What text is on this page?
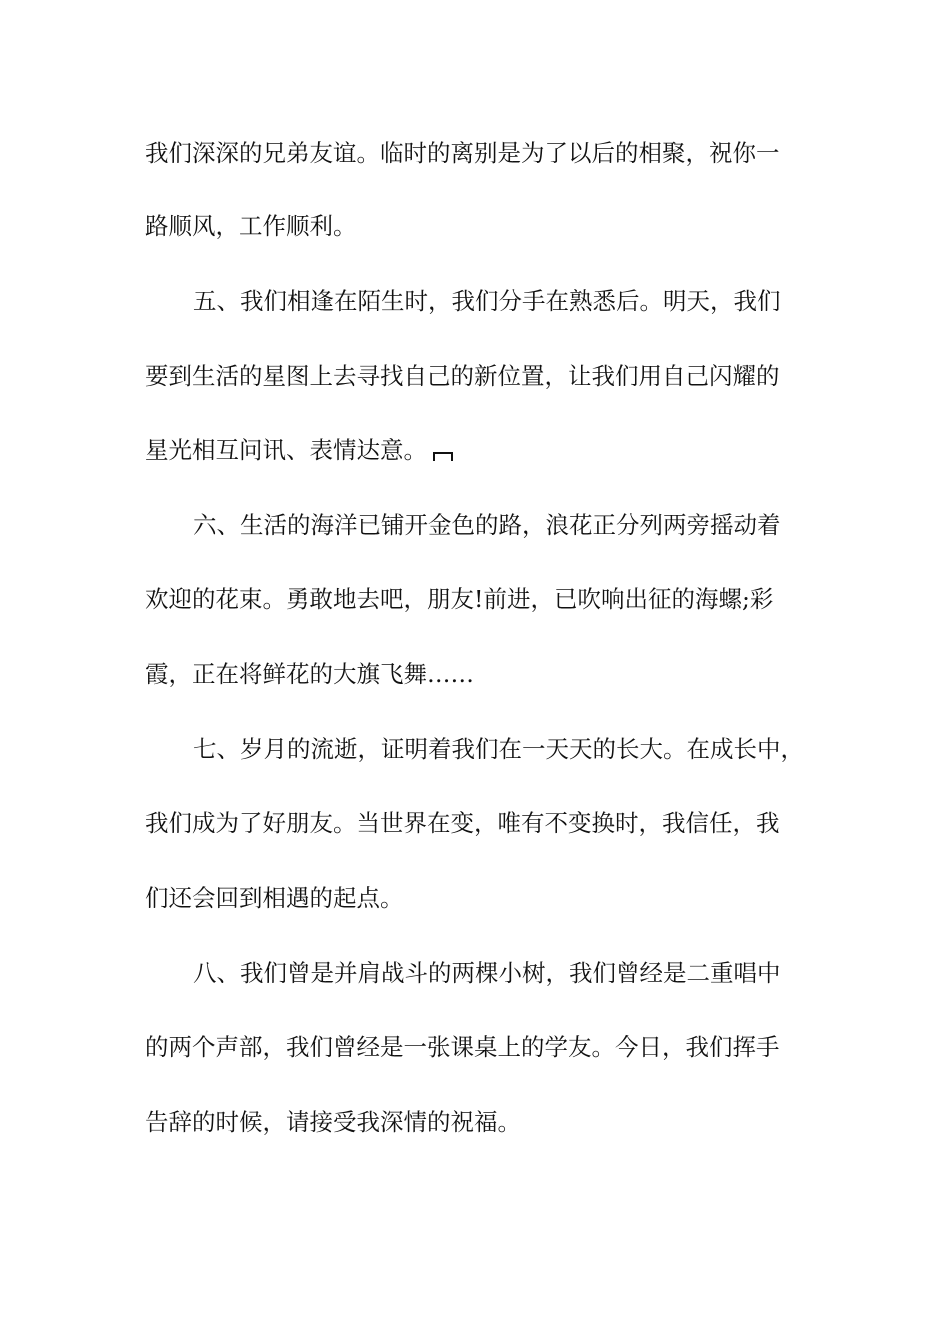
我们深深的兄弟友谊。临时的离别是为了以后的相聚，祝你一
路顺风，工作顺利。
五、我们相逢在陌生时，我们分手在熟悉后。明天，我们
要到生活的星图上去寻找自己的新位置，让我们用自己闪耀的
星光相互问讯、表情达意。
六、生活的海洋已铺开金色的路，浪花正分列两旁摇动着
欢迎的花束。勇敢地去吧，朋友!前进，已吹响出征的海螺;彩
霞，正在将鲜花的大旗飞舞……
七、岁月的流逝，证明着我们在一天天的长大。在成长中，
我们成为了好朋友。当世界在变，唯有不变换时，我信任，我
们还会回到相遇的起点。
八、我们曾是并肩战斗的两棵小树，我们曾经是二重唱中
的两个声部，我们曾经是一张课桌上的学友。今日，我们挥手
告辞的时候，请接受我深情的祝福。
